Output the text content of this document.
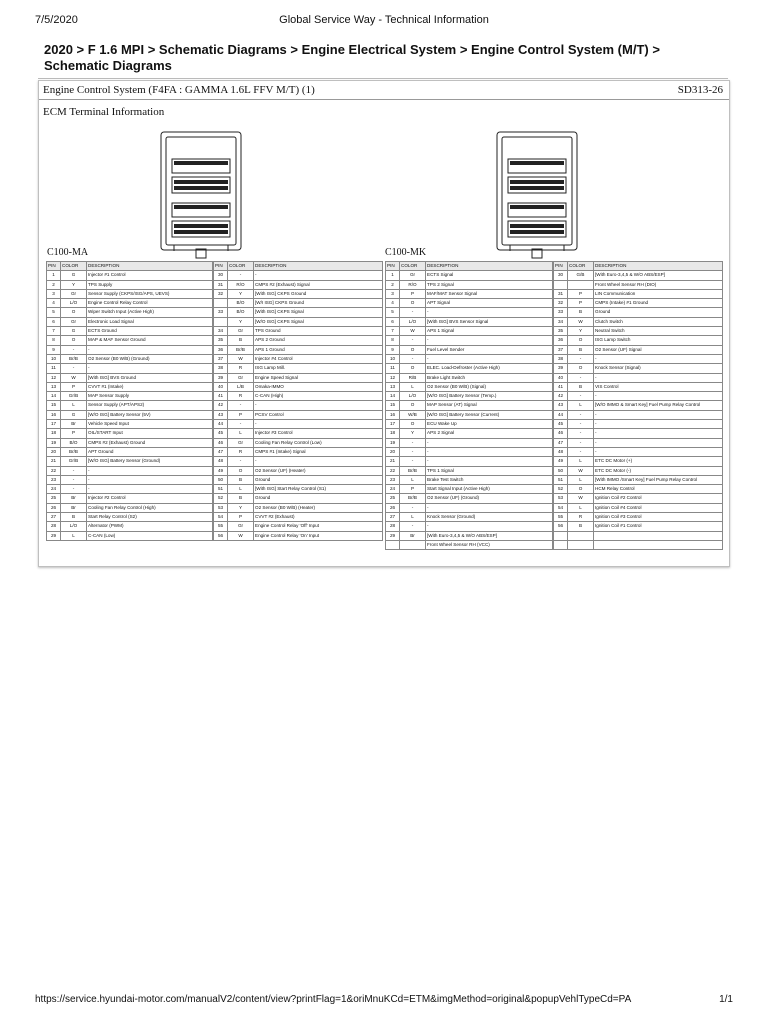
7/5/2020	Global Service Way - Technical Information
2020 > F 1.6 MPI > Schematic Diagrams > Engine Electrical System > Engine Control System (M/T) > Schematic Diagrams
Engine Control System (F4FA : GAMMA 1.6L FFV M/T) (1)	SD313-26
ECM Terminal Information
C100-MA	C100-MK
PIN	COLOR	DESCRIPTION		PIN	COLOR	DESCRIPTION
1	G	Injector #1 Control		30	-	-
2	Y	TPS Supply		31	R/O	CMPS #2 (Exhaust) Signal
3	Gr	Sensor Supply (CKPS/ISG/APS, UEVS)		32	Y	[With ISG] CKPS Ground
4	L/O	Engine Control Relay Control			B/O	[W/I ISG] CKPS Ground
5	O	Wiper Switch Input (Active High)		33	B/O	[With ISG] CKPS Signal
6	Gr	Electronic Load Signal			Y	[W/O ISG] CKPS Signal
7	G	ECTS Ground		34	Gr	TPS Ground
8	O	MAP & MAF Sensor Ground		35	B	APS 2 Ground
9	-	-		36	Br/B	APS 1 Ground
10	Br/B	O2 Sensor (B0 W/B) (Ground)		37	W	Injector #4 Control
11	-	-		38	R	ISG Lamp Mill.
12	W	[With ISG] BVS Ground		39	Gr	Engine Speed Signal
13	P	CVVT #1 (Intake)		40	L/B	Omaka-IMMO
14	Gr/B	MAP Sensor Supply		41	R	C-CAN (High)
15	L	Sensor Supply (APT/APS2)		42	-	-
16	G	[W/O ISG] Battery Sensor (5V)		43	P	PCSV Control
17	Br	Vehicle Speed Input		44	-	-
18	P	OIL/START Input		45	L	Injector #3 Control
19	B/O	CMPS #2 (Exhaust) Ground		46	Gr	Cooling Fan Relay Control (Low)
20	Br/B	APT Ground		47	R	CMPS #1 (Intake) Signal
21	Gr/B	[W/O ISG] Battery Sensor (Ground)		48	-	-
22	-	-		49	O	O2 Sensor (UF) (Heater)
23	-	-		50	B	Ground
24	-	-		51	L	[With ISG] Start Relay Control (S1)
25	Br	Injector #2 Control		52	B	Ground
26	Br	Cooling Fan Relay Control (High)		53	Y	O2 Sensor (B0 W/B) (Heater)
27	B	Start Relay Control (S2)		54	P	CVVT #2 (Exhaust)
28	L/O	Alternator (PWM)		55	Gr	Engine Control Relay 'Off' Input
29	L	C-CAN (Low)		56	W	Engine Control Relay 'On' Input
PIN	COLOR	DESCRIPTION		PIN	COLOR	DESCRIPTION
1	Gr	ECTS Signal		30	G/B	[With Euro-3,4,5 & W/O ABS/ESP]
2	R/O	TPS 2 Signal				Front Wheel Sensor RH (DIO)
3	P	MAF/MAT Sensor Signal		31	P	LIN Communication
4	O	APT Signal		32	P	CMPS (Intake) #1 Ground
5	-	-		33	B	Ground
6	L/O	[With ISG] BVS Sensor Signal		34	W	Clutch Switch
7	W	APS 1 Signal		35	Y	Neutral Switch
8	-	-		36	O	ISG Lamp Switch
9	O	Fuel Level Sender		37	B	O2 Sensor (UF) Signal
10	-	-		38	-	-
11	O	ELEC. Load-Defroster (Active High)		39	O	Knock Sensor (Signal)
12	R/B	Brake Light Switch		40	-	-
13	L	O2 Sensor (B0 W/B) (Signal)		41	B	VIS Control
14	L/O	[W/O ISG] Battery Sensor (Temp.)		42	-	-
15	O	MAP Sensor (AT) Signal		43	L	[W/O IMMO & Smart Key] Fuel Pump Relay Control
16	W/B	[W/O ISG] Battery Sensor (Current)		44	-	-
17	O	ECU Wake Up		45	-	-
18	Y	APS 2 Signal		46	-	-
19	-	-		47	-	-
20	-	-		48	-	-
21	-	-		49	L	ETC DC Motor (+)
22	Br/B	TPS 1 Signal		50	W	ETC DC Motor (-)
23	L	Brake Test Switch		51	L	[With IMMO /Smart Key] Fuel Pump Relay Control
24	P	Start Signal Input (Active High)		52	O	HCM Relay Control
25	Br/B	O2 Sensor (UF) (Ground)		53	W	Ignition Coil #2 Control
26	-	-		54	L	Ignition Coil #4 Control
27	L	Knock Sensor (Ground)		55	R	Ignition Coil #3 Control
28	-	-		56	B	Ignition Coil #1 Control
29	Br	[With Euro-3,4,5 & W/O ABS/ESP]				
		Front Wheel Sensor RH (VCC)				
https://service.hyundai-motor.com/manualV2/content/view?printFlag=1&oriMnuKCd=ETM&imgMethod=original&popupVehlTypeCd=PA	1/1
